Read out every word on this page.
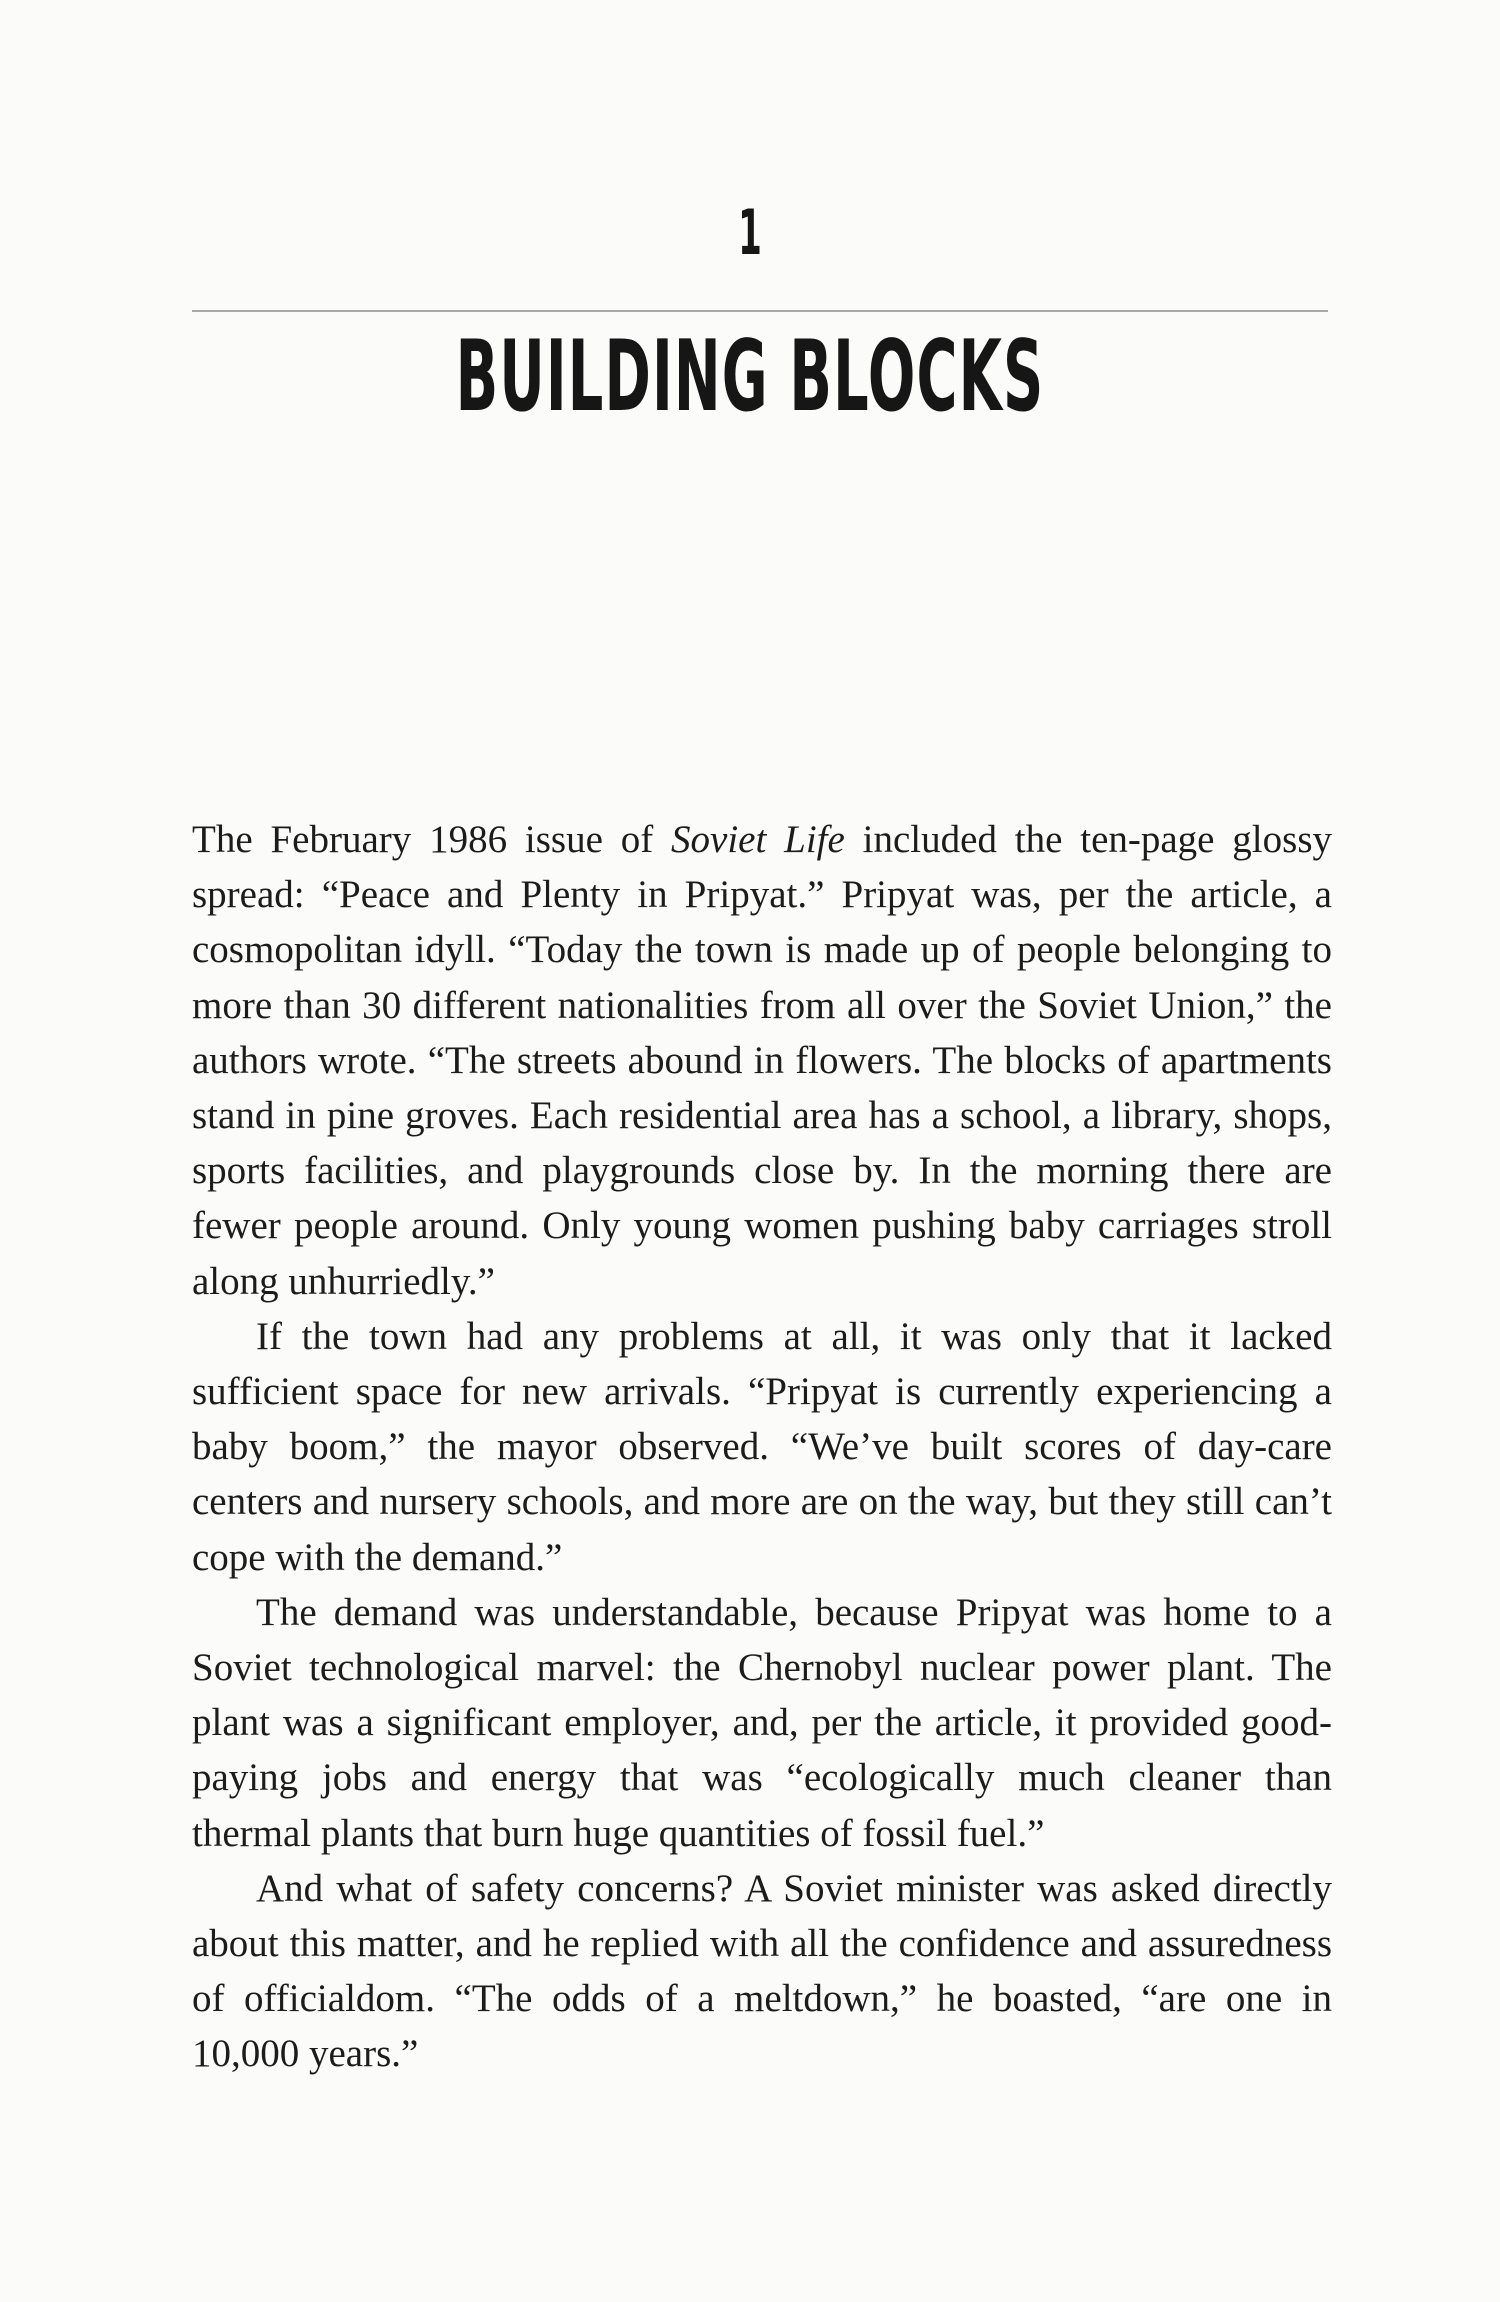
1
BUILDING BLOCKS

The February 1986 issue of Soviet Life included the ten-page glossy spread: “Peace and Plenty in Pripyat.” Pripyat was, per the article, a cosmopolitan idyll. “Today the town is made up of people belonging to more than 30 different nationalities from all over the Soviet Union,” the authors wrote. “The streets abound in flowers. The blocks of apartments stand in pine groves. Each residential area has a school, a library, shops, sports facilities, and playgrounds close by. In the morning there are fewer people around. Only young women pushing baby carriages stroll along unhurriedly.”

If the town had any problems at all, it was only that it lacked sufficient space for new arrivals. “Pripyat is currently experiencing a baby boom,” the mayor observed. “We’ve built scores of day-care centers and nursery schools, and more are on the way, but they still can’t cope with the demand.”

The demand was understandable, because Pripyat was home to a Soviet technological marvel: the Chernobyl nuclear power plant. The plant was a significant employer, and, per the article, it provided good-paying jobs and energy that was “ecologically much cleaner than thermal plants that burn huge quantities of fossil fuel.”

And what of safety concerns? A Soviet minister was asked directly about this matter, and he replied with all the confidence and assuredness of officialdom. “The odds of a meltdown,” he boasted, “are one in 10,000 years.”
